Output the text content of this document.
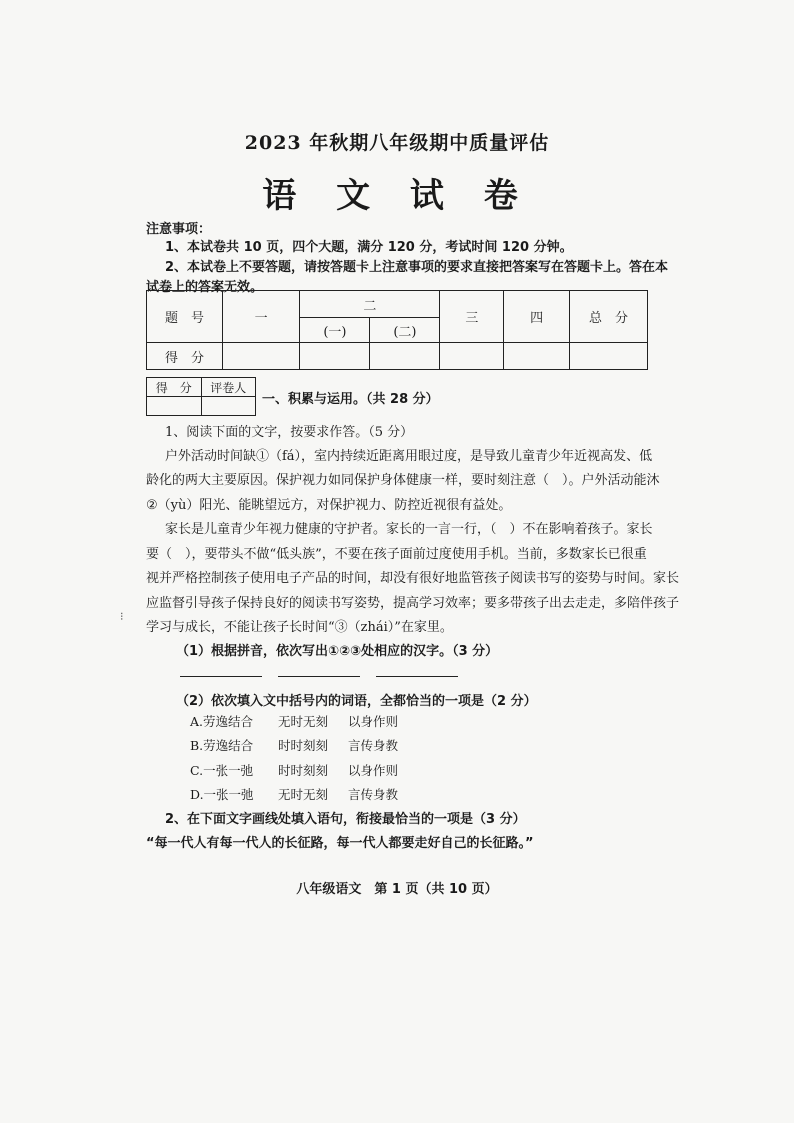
2023 年秋期八年级期中质量评估
语 文 试 卷
注意事项：
1、本试卷共 10 页，四个大题，满分 120 分，考试时间 120 分钟。
2、本试卷上不要答题，请按答题卡上注意事项的要求直接把答案写在答题卡上。答在本
试卷上的答案无效。
题　号	一	二		三	四	总　分
		(一)	(二)			
得　分						
得　分	评卷人

一、积累与运用。（共 28 分）
1、阅读下面的文字，按要求作答。（5 分）
户外活动时间缺①（fá），室内持续近距离用眼过度，是导致儿童青少年近视高发、低
龄化的两大主要原因。保护视力如同保护身体健康一样，要时刻注意（　）。户外活动能沐
②（yù）阳光、能眺望远方，对保护视力、防控近视很有益处。
家长是儿童青少年视力健康的守护者。家长的一言一行，（　）不在影响着孩子。家长
要（　），要带头不做“低头族”，不要在孩子面前过度使用手机。当前，多数家长已很重
视并严格控制孩子使用电子产品的时间，却没有很好地监管孩子阅读书写的姿势与时间。家长
应监督引导孩子保持良好的阅读书写姿势，提高学习效率；要多带孩子出去走走，多陪伴孩子
学习与成长，不能让孩子长时间“③（zhái）”在家里。
⁝
（1）根据拼音，依次写出①②③处相应的汉字。（3 分）
（2）依次填入文中括号内的词语，全都恰当的一项是（2 分）
A.劳逸结合 无时无刻 以身作则
B.劳逸结合 时时刻刻 言传身教
C.一张一弛 时时刻刻 以身作则
D.一张一弛 无时无刻 言传身教
2、在下面文字画线处填入语句，衔接最恰当的一项是（3 分）
“每一代人有每一代人的长征路，每一代人都要走好自己的长征路。”
八年级语文　第 1 页（共 10 页）
